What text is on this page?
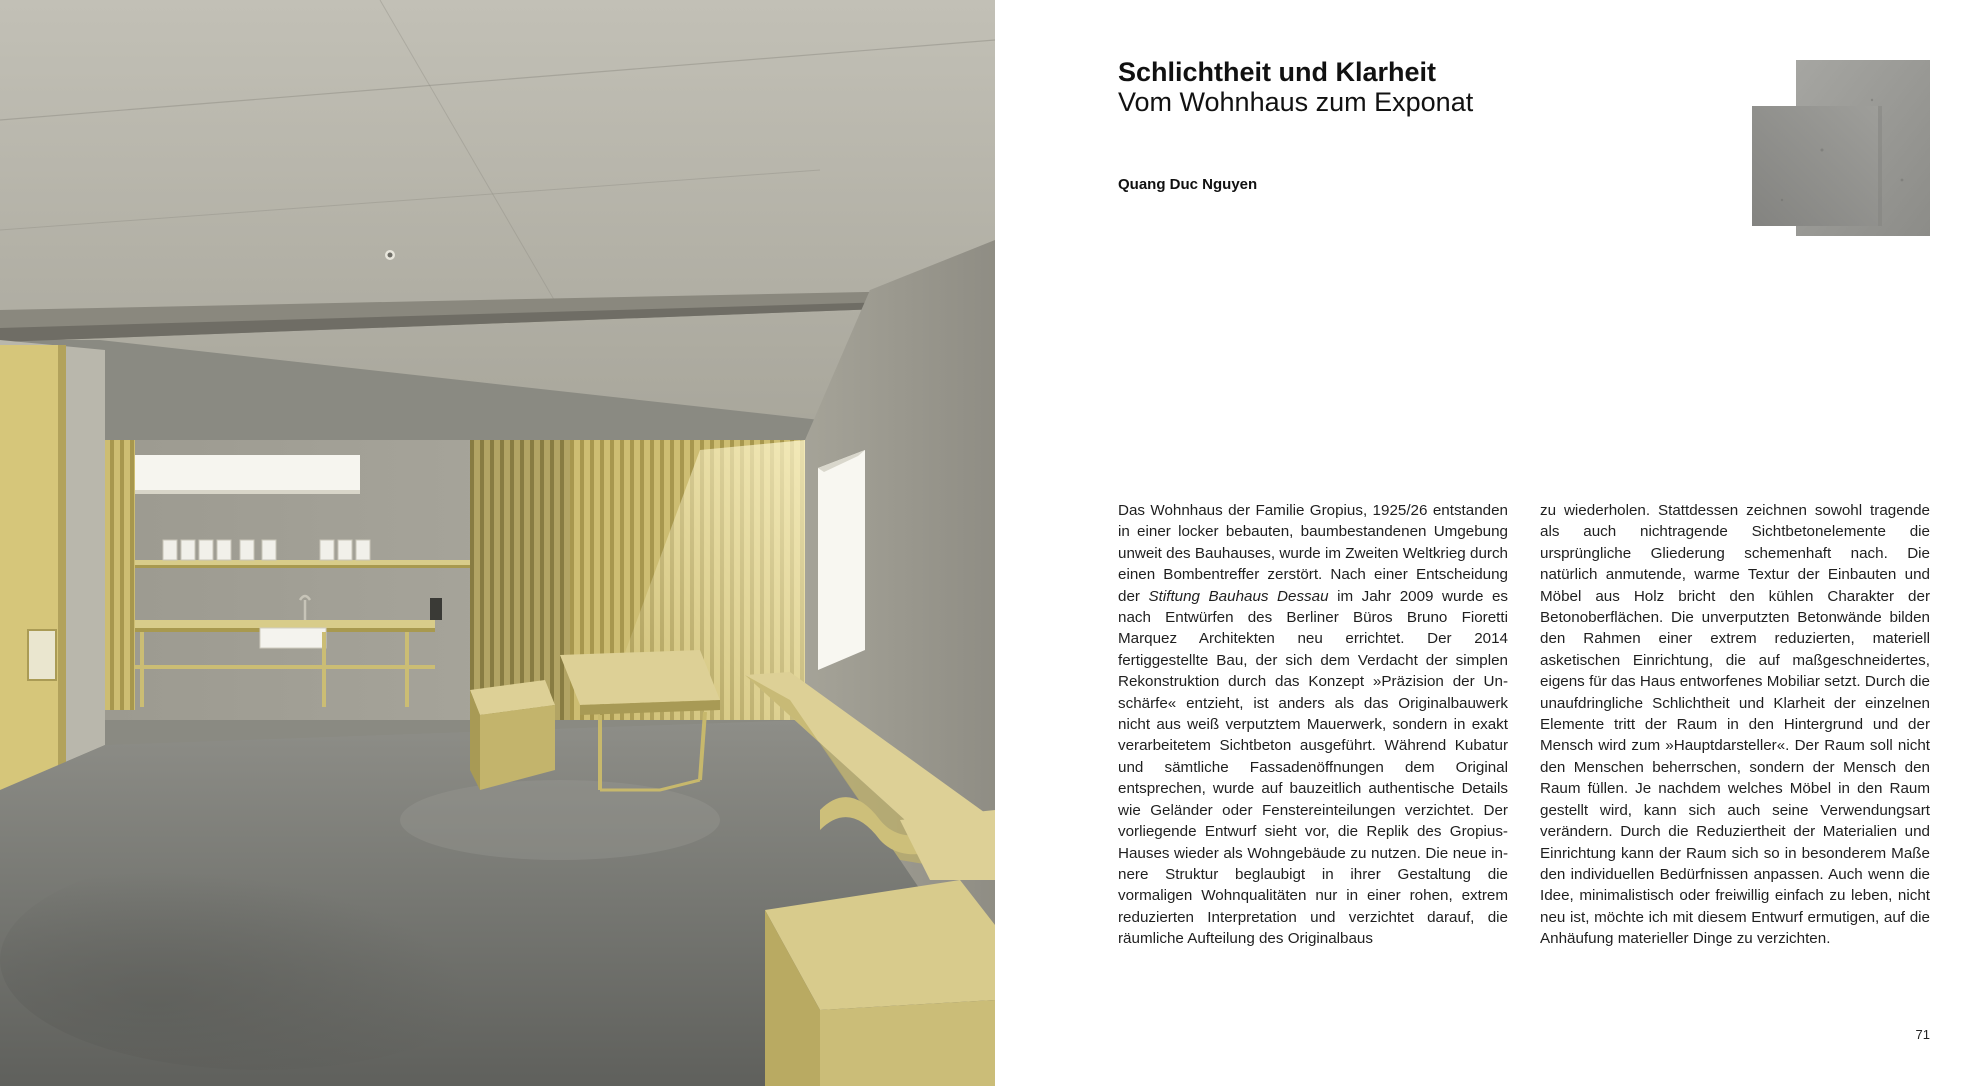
Schlichtheit und Klarheit
Vom Wohnhaus zum Exponat

Quang Duc Nguyen

Das Wohnhaus der Familie Gropius, 1925/26 entstanden in einer locker bebauten, baumbestandenen Umgebung unweit des Bauhauses, wurde im Zweiten Weltkrieg durch einen Bombentreffer zerstört. Nach einer Entscheidung der Stiftung Bauhaus Dessau im Jahr 2009 wurde es nach Entwürfen des Berliner Büros Bruno Fioretti Marquez Architekten neu errichtet. Der 2014 fertiggestellte Bau, der sich dem Verdacht der simplen Rekonstruktion durch das Konzept »Präzision der Unschärfe« entzieht, ist anders als das Originalbauwerk nicht aus weiß verputztem Mauerwerk, sondern in exakt verarbeitetem Sichtbeton ausgeführt. Während Kubatur und sämtliche Fassadenöffnungen dem Original entsprechen, wurde auf bauzeitlich authentische Details wie Geländer oder Fenstereinteilungen verzichtet. Der vorliegende Entwurf sieht vor, die Replik des Gropius-Hauses wieder als Wohngebäude zu nutzen. Die neue innere Struktur beglaubigt in ihrer Gestaltung die vormaligen Wohnqualitäten nur in einer rohen, extrem reduzierten Interpretation und verzichtet darauf, die räumliche Aufteilung des Originalbaus

zu wiederholen. Stattdessen zeichnen sowohl tragende als auch nichtragende Sichtbetonelemente die ursprüngliche Gliederung schemenhaft nach. Die natürlich anmutende, warme Textur der Einbauten und Möbel aus Holz bricht den kühlen Charakter der Betonoberflächen. Die unverputzten Betonwände bilden den Rahmen einer extrem reduzierten, materiell asketischen Einrichtung, die auf maßgeschneidertes, eigens für das Haus entworfenes Mobiliar setzt. Durch die unaufdringliche Schlichtheit und Klarheit der einzelnen Elemente tritt der Raum in den Hintergrund und der Mensch wird zum »Hauptdarsteller«. Der Raum soll nicht den Menschen beherrschen, sondern der Mensch den Raum füllen. Je nachdem welches Möbel in den Raum gestellt wird, kann sich auch seine Verwendungsart verändern. Durch die Reduziertheit der Materialien und Einrichtung kann der Raum sich so in besonderem Maße den individuellen Bedürfnissen anpassen. Auch wenn die Idee, minimalistisch oder freiwillig einfach zu leben, nicht neu ist, möchte ich mit diesem Entwurf ermutigen, auf die Anhäufung materieller Dinge zu verzichten.

71
